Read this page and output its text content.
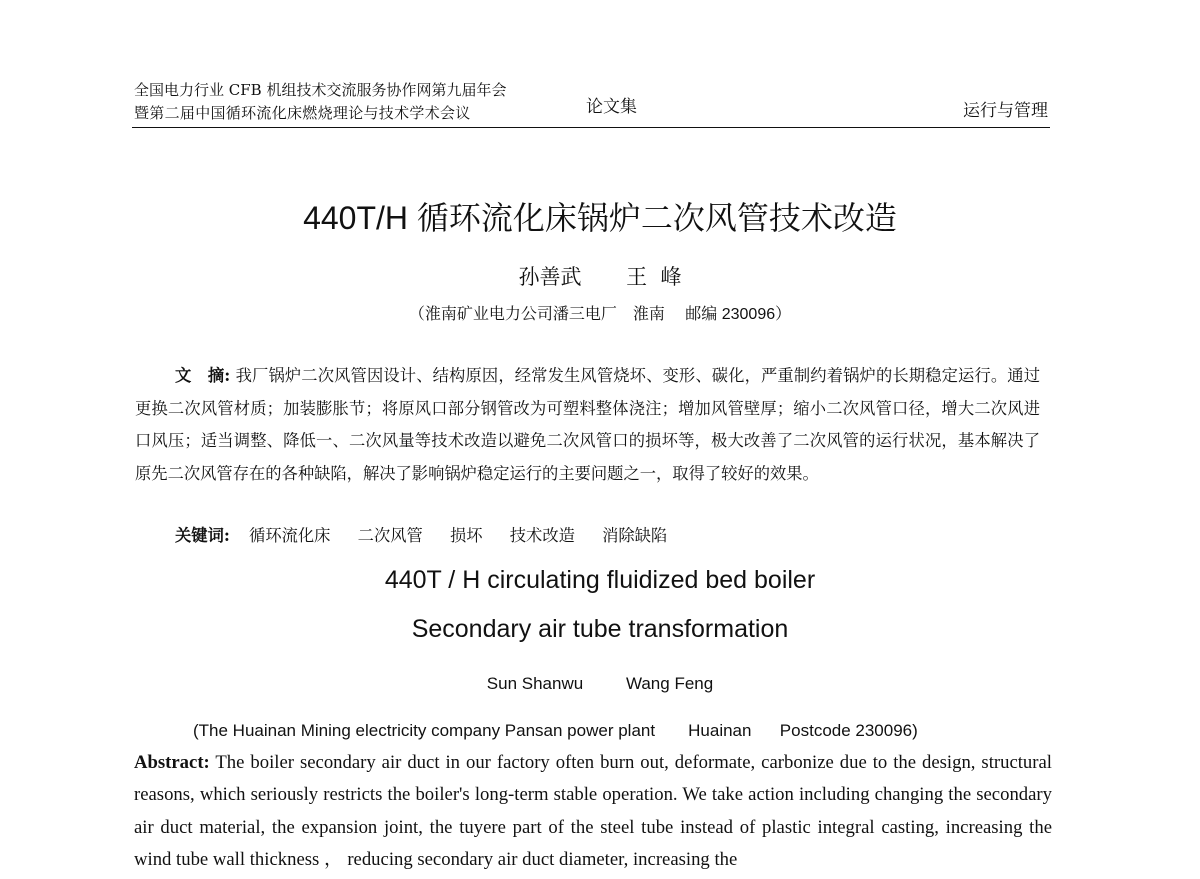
全国电力行业 CFB 机组技术交流服务协作网第九届年会
暨第二届中国循环流化床燃烧理论与技术学术会议	论文集	运行与管理
440T/H 循环流化床锅炉二次风管技术改造
孙善武 王  峰
（淮南矿业电力公司潘三电厂　淮南　 邮编 230096）

文　摘: 我厂锅炉二次风管因设计、结构原因，经常发生风管烧坏、变形、碳化，严重制约着锅炉的长期稳定运行。通过更换二次风管材质；加装膨胀节；将原风口部分钢管改为可塑料整体浇注；增加风管壁厚；缩小二次风管口径，增大二次风进口风压；适当调整、降低一、二次风量等技术改造以避免二次风管口的损坏等，极大改善了二次风管的运行状况，基本解决了原先二次风管存在的各种缺陷，解决了影响锅炉稳定运行的主要问题之一，取得了较好的效果。

关键词: 循环流化床 二次风管 损坏 技术改造 消除缺陷
440T / H circulating fluidized bed boiler
Secondary air tube transformation
Sun Shanwu	Wang Feng
(The Huainan Mining electricity company Pansan power plant       Huainan      Postcode 230096)

Abstract: The boiler secondary air duct in our factory often burn out, deformate, carbonize due to the design, structural reasons, which seriously restricts the boiler's long-term stable operation. We take action including changing the secondary air duct material, the expansion joint, the tuyere part of the steel tube instead of plastic integral casting, increasing the wind tube wall thickness ， reducing secondary air duct diameter, increasing the
